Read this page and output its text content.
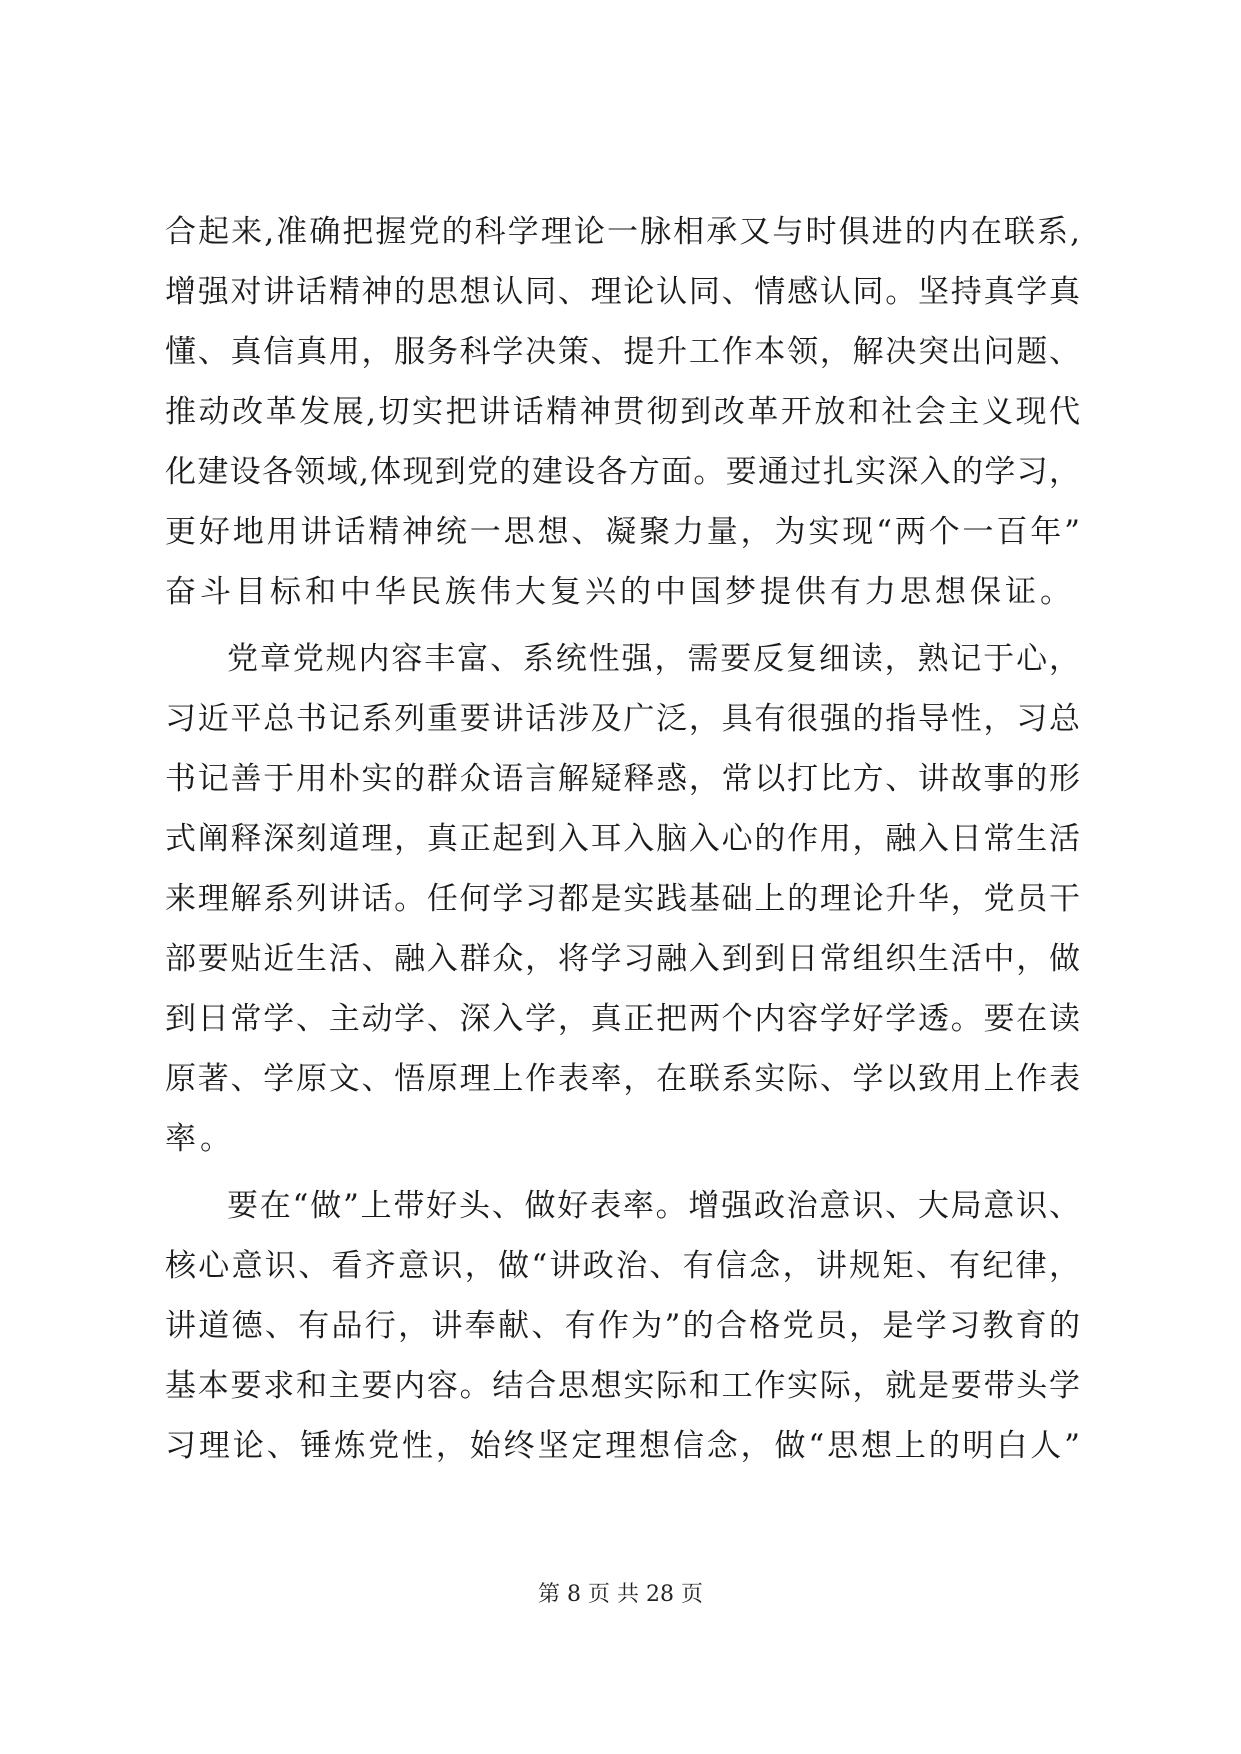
合起来,准确把握党的科学理论一脉相承又与时俱进的内在联系,
增强对讲话精神的思想认同、理论认同、情感认同。坚持真学真
懂、真信真用，服务科学决策、提升工作本领，解决突出问题、
推动改革发展,切实把讲话精神贯彻到改革开放和社会主义现代
化建设各领域,体现到党的建设各方面。要通过扎实深入的学习，
更好地用讲话精神统一思想、凝聚力量，为实现“两个一百年”
奋斗目标和中华民族伟大复兴的中国梦提供有力思想保证。
党章党规内容丰富、系统性强，需要反复细读，熟记于心，
习近平总书记系列重要讲话涉及广泛，具有很强的指导性，习总
书记善于用朴实的群众语言解疑释惑，常以打比方、讲故事的形
式阐释深刻道理，真正起到入耳入脑入心的作用，融入日常生活
来理解系列讲话。任何学习都是实践基础上的理论升华，党员干
部要贴近生活、融入群众，将学习融入到到日常组织生活中，做
到日常学、主动学、深入学，真正把两个内容学好学透。要在读
原著、学原文、悟原理上作表率，在联系实际、学以致用上作表
率。
要在“做”上带好头、做好表率。增强政治意识、大局意识、
核心意识、看齐意识，做“讲政治、有信念，讲规矩、有纪律，
讲道德、有品行，讲奉献、有作为”的合格党员，是学习教育的
基本要求和主要内容。结合思想实际和工作实际，就是要带头学
习理论、锤炼党性，始终坚定理想信念，做“思想上的明白人”
第 8 页 共 28 页
